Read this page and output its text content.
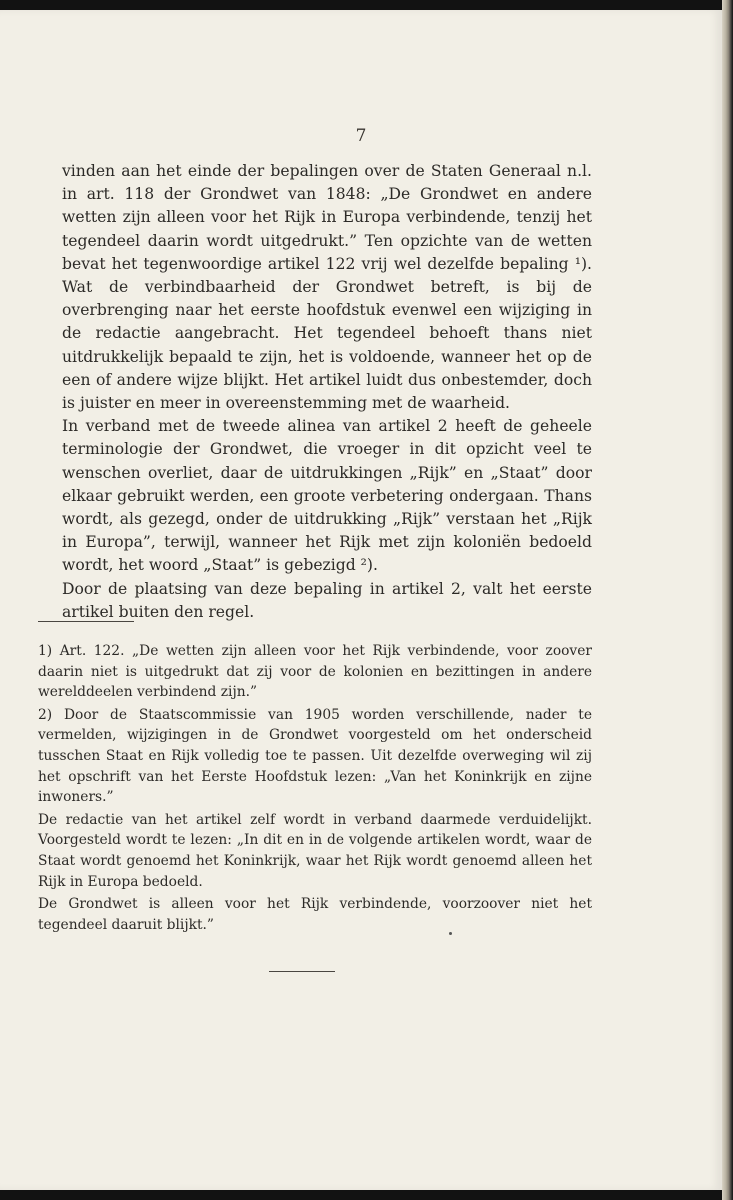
7

vinden aan het einde der bepalingen over de Staten Generaal n.l. in art. 118 der Grondwet van 1848: „De Grondwet en andere wetten zijn alleen voor het Rijk in Europa verbindende, tenzij het tegendeel daarin wordt uitgedrukt.” Ten opzichte van de wetten bevat het tegenwoordige artikel 122 vrij wel dezelfde bepaling ¹). Wat de verbindbaarheid der Grondwet betreft, is bij de overbrenging naar het eerste hoofdstuk evenwel een wijziging in de redactie aangebracht. Het tegendeel behoeft thans niet uitdrukkelijk bepaald te zijn, het is voldoende, wanneer het op de een of andere wijze blijkt. Het artikel luidt dus onbestemder, doch is juister en meer in overeenstemming met de waarheid.

In verband met de tweede alinea van artikel 2 heeft de geheele terminologie der Grondwet, die vroeger in dit opzicht veel te wenschen overliet, daar de uitdrukkingen „Rijk” en „Staat” door elkaar gebruikt werden, een groote verbetering ondergaan. Thans wordt, als gezegd, onder de uitdrukking „Rijk” verstaan het „Rijk in Europa”, terwijl, wanneer het Rijk met zijn koloniën bedoeld wordt, het woord „Staat” is gebezigd ²).

Door de plaatsing van deze bepaling in artikel 2, valt het eerste artikel buiten den regel.

1) Art. 122. „De wetten zijn alleen voor het Rijk verbindende, voor zoover daarin niet is uitgedrukt dat zij voor de kolonien en bezittingen in andere werelddeelen verbindend zijn.”

2) Door de Staatscommissie van 1905 worden verschillende, nader te vermelden, wijzigingen in de Grondwet voorgesteld om het onderscheid tusschen Staat en Rijk volledig toe te passen. Uit dezelfde overweging wil zij het opschrift van het Eerste Hoofdstuk lezen: „Van het Koninkrijk en zijne inwoners.”

De redactie van het artikel zelf wordt in verband daarmede verduidelijkt. Voorgesteld wordt te lezen: „In dit en in de volgende artikelen wordt, waar de Staat wordt genoemd het Koninkrijk, waar het Rijk wordt genoemd alleen het Rijk in Europa bedoeld.

De Grondwet is alleen voor het Rijk verbindende, voorzoover niet het tegendeel daaruit blijkt.”
